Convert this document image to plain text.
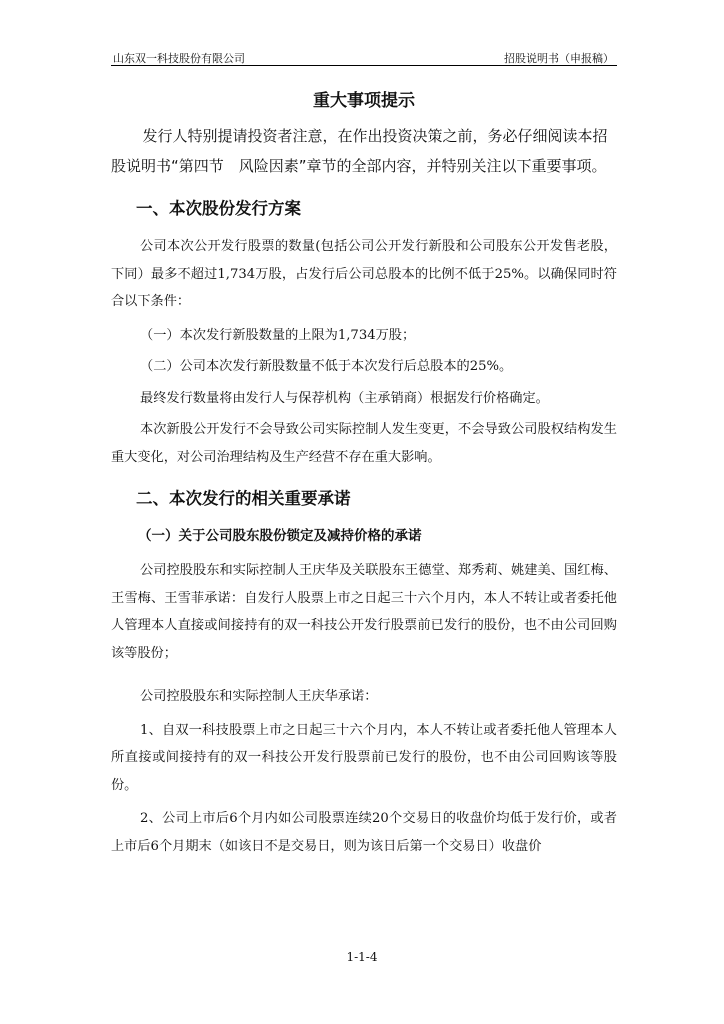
山东双一科技股份有限公司	招股说明书（申报稿）
重大事项提示

发行人特别提请投资者注意，在作出投资决策之前，务必仔细阅读本招股说明书“第四节　风险因素”章节的全部内容，并特别关注以下重要事项。

一、本次股份发行方案

公司本次公开发行股票的数量(包括公司公开发行新股和公司股东公开发售老股，下同）最多不超过1,734万股，占发行后公司总股本的比例不低于25%。以确保同时符合以下条件：

（一）本次发行新股数量的上限为1,734万股；

（二）公司本次发行新股数量不低于本次发行后总股本的25%。

最终发行数量将由发行人与保荐机构（主承销商）根据发行价格确定。

本次新股公开发行不会导致公司实际控制人发生变更，不会导致公司股权结构发生重大变化，对公司治理结构及生产经营不存在重大影响。

二、本次发行的相关重要承诺
（一）关于公司股东股份锁定及减持价格的承诺

公司控股股东和实际控制人王庆华及关联股东王德堂、郑秀莉、姚建美、国红梅、王雪梅、王雪菲承诺：自发行人股票上市之日起三十六个月内，本人不转让或者委托他人管理本人直接或间接持有的双一科技公开发行股票前已发行的股份，也不由公司回购该等股份；

公司控股股东和实际控制人王庆华承诺：

1、自双一科技股票上市之日起三十六个月内，本人不转让或者委托他人管理本人所直接或间接持有的双一科技公开发行股票前已发行的股份，也不由公司回购该等股份。

2、公司上市后6个月内如公司股票连续20个交易日的收盘价均低于发行价，或者上市后6个月期末（如该日不是交易日，则为该日后第一个交易日）收盘价

1-1-4
